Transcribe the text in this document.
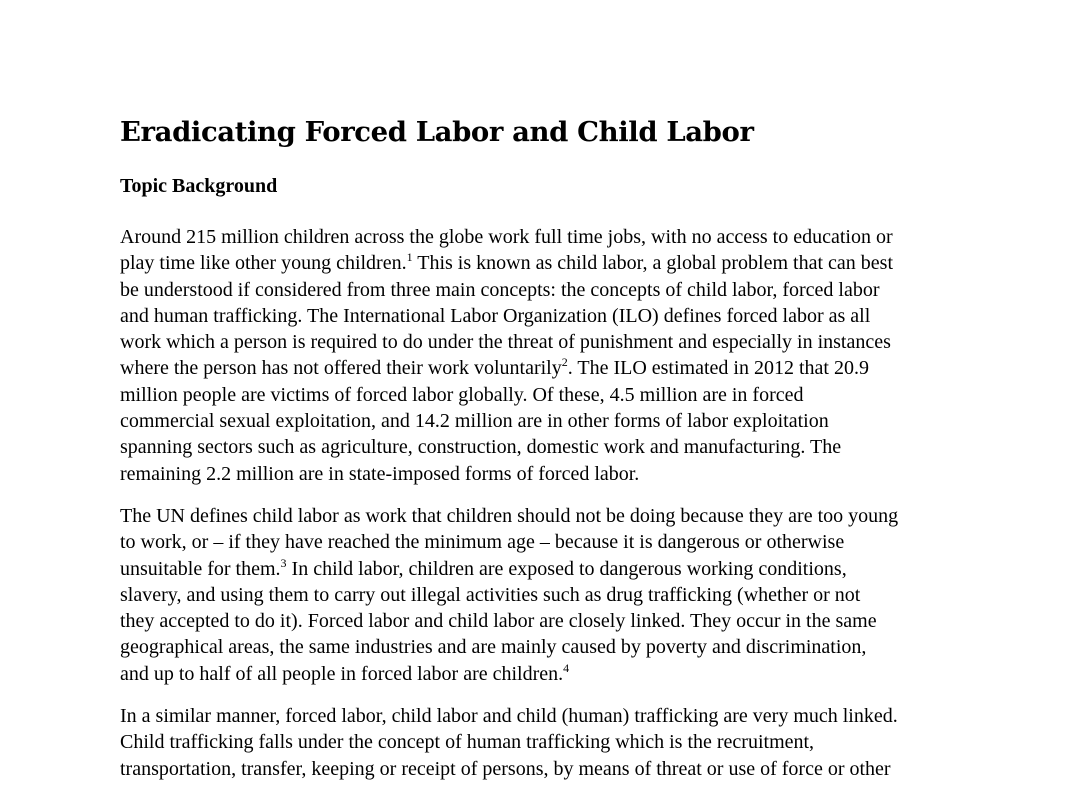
Eradicating Forced Labor and Child Labor
Topic Background
Around 215 million children across the globe work full time jobs, with no access to education or
play time like other young children.$^1$ This is known as child labor, a global problem that can best
be understood if considered from three main concepts: the concepts of child labor, forced labor
and human trafficking. The International Labor Organization (ILO) defines forced labor as all
work which a person is required to do under the threat of punishment and especially in instances
where the person has not offered their work voluntarily$^2$. The ILO estimated in 2012 that 20.9
million people are victims of forced labor globally. Of these, 4.5 million are in forced
commercial sexual exploitation, and 14.2 million are in other forms of labor exploitation
spanning sectors such as agriculture, construction, domestic work and manufacturing. The
remaining 2.2 million are in state-imposed forms of forced labor.
The UN defines child labor as work that children should not be doing because they are too young
to work, or – if they have reached the minimum age – because it is dangerous or otherwise
unsuitable for them.$^3$ In child labor, children are exposed to dangerous working conditions,
slavery, and using them to carry out illegal activities such as drug trafficking (whether or not
they accepted to do it). Forced labor and child labor are closely linked. They occur in the same
geographical areas, the same industries and are mainly caused by poverty and discrimination,
and up to half of all people in forced labor are children.$^4$
In a similar manner, forced labor, child labor and child (human) trafficking are very much linked.
Child trafficking falls under the concept of human trafficking which is the recruitment,
transportation, transfer, keeping or receipt of persons, by means of threat or use of force or other
